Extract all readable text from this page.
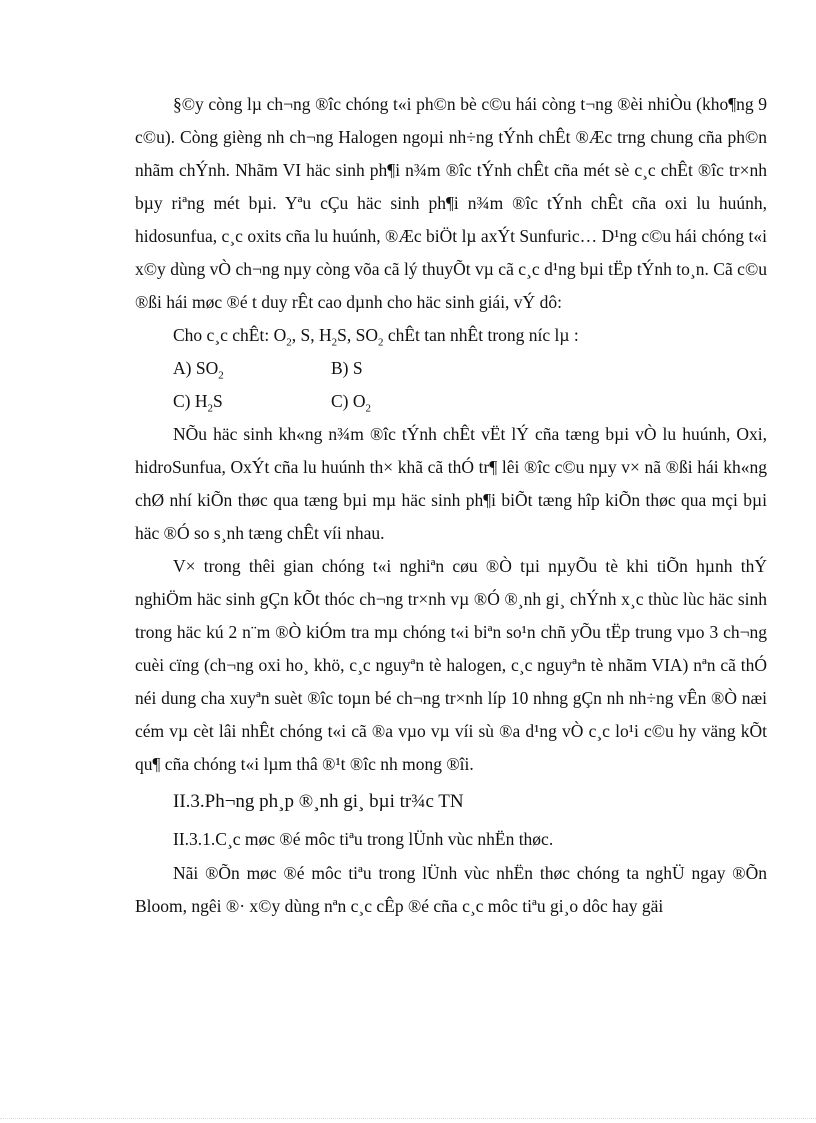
§©y còng lµ ch¬ng ®îc chóng t«i ph©n bè c©u hái còng t¬ng ®èi nhiÒu (kho¶ng 9 c©u). Còng gièng nh ch¬ng Halogen ngoµi nh÷ng tÝnh chÊt ®Æc trng chung cña ph©n nhãm chÝnh. Nhãm VI häc sinh ph¶i n¾m ®îc tÝnh chÊt cña mét sè c¸c chÊt ®îc tr×nh bµy riªng mét bµi. Yªu cÇu häc sinh ph¶i n¾m ®îc tÝnh chÊt cña oxi lu huúnh, hidosunfua, c¸c oxits cña lu huúnh, ®Æc biÖt lµ axÝt Sunfuric… D¹ng c©u hái chóng t«i x©y dùng vÒ ch¬ng nµy còng võa cã lý thuyÕt vµ cã c¸c d¹ng bµi tËp tÝnh to¸n. Cã c©u ®ßi hái møc ®é t duy rÊt cao dµnh cho häc sinh giái, vÝ dô:

Cho c¸c chÊt: $O_2$, S, $H_2S$, $SO_2$ chÊt tan nhÊt trong níc lµ :

A) $SO_2$	B) S
C) $H_2S$	C) $O_2$

NÕu häc sinh kh«ng n¾m ®îc tÝnh chÊt vËt lÝ cña tæng bµi vÒ lu huúnh, Oxi, hidroSunfua, OxÝt cña lu huúnh th× khã cã thÓ tr¶ lêi ®îc c©u nµy v× nã ®ßi hái kh«ng chØ nhí kiÕn thøc qua tæng bµi mµ häc sinh ph¶i biÕt tæng hîp kiÕn thøc qua mçi bµi häc ®Ó so s¸nh tæng chÊt víi nhau.

V× trong thêi gian chóng t«i nghiªn cøu ®Ò tµi nµyÕu tè khi tiÕn hµnh thÝ nghiÖm häc sinh gÇn kÕt thóc ch¬ng tr×nh vµ ®Ó ®¸nh gi¸ chÝnh x¸c thùc lùc häc sinh trong häc kú 2 n¨m ®Ò kiÓm tra mµ chóng t«i biªn so¹n chñ yÕu tËp trung vµo 3 ch¬ng cuèi cïng (ch¬ng oxi ho¸ khö, c¸c nguyªn tè halogen, c¸c nguyªn tè nhãm VIA) nªn cã thÓ néi dung cha xuyªn suèt ®îc toµn bé ch¬ng tr×nh líp 10 nhng gÇn nh nh÷ng vÊn ®Ò næi cém vµ cèt lâi nhÊt chóng t«i cã ®a vµo vµ víi sù ®a d¹ng vÒ c¸c lo¹i c©u hy väng kÕt qu¶ cña chóng t«i lµm thâ ®¹t ®îc nh mong ®îi.

II.3.Ph¬ng ph¸p ®¸nh gi¸ bµi tr¾c TN
II.3.1.C¸c møc ®é môc tiªu trong lÜnh vùc nhËn thøc.

Nãi ®Õn møc ®é môc tiªu trong lÜnh vùc nhËn thøc chóng ta nghÜ ngay ®Õn Bloom, ngêi ®· x©y dùng nªn c¸c cÊp ®é cña c¸c môc tiªu gi¸o dôc hay gäi
